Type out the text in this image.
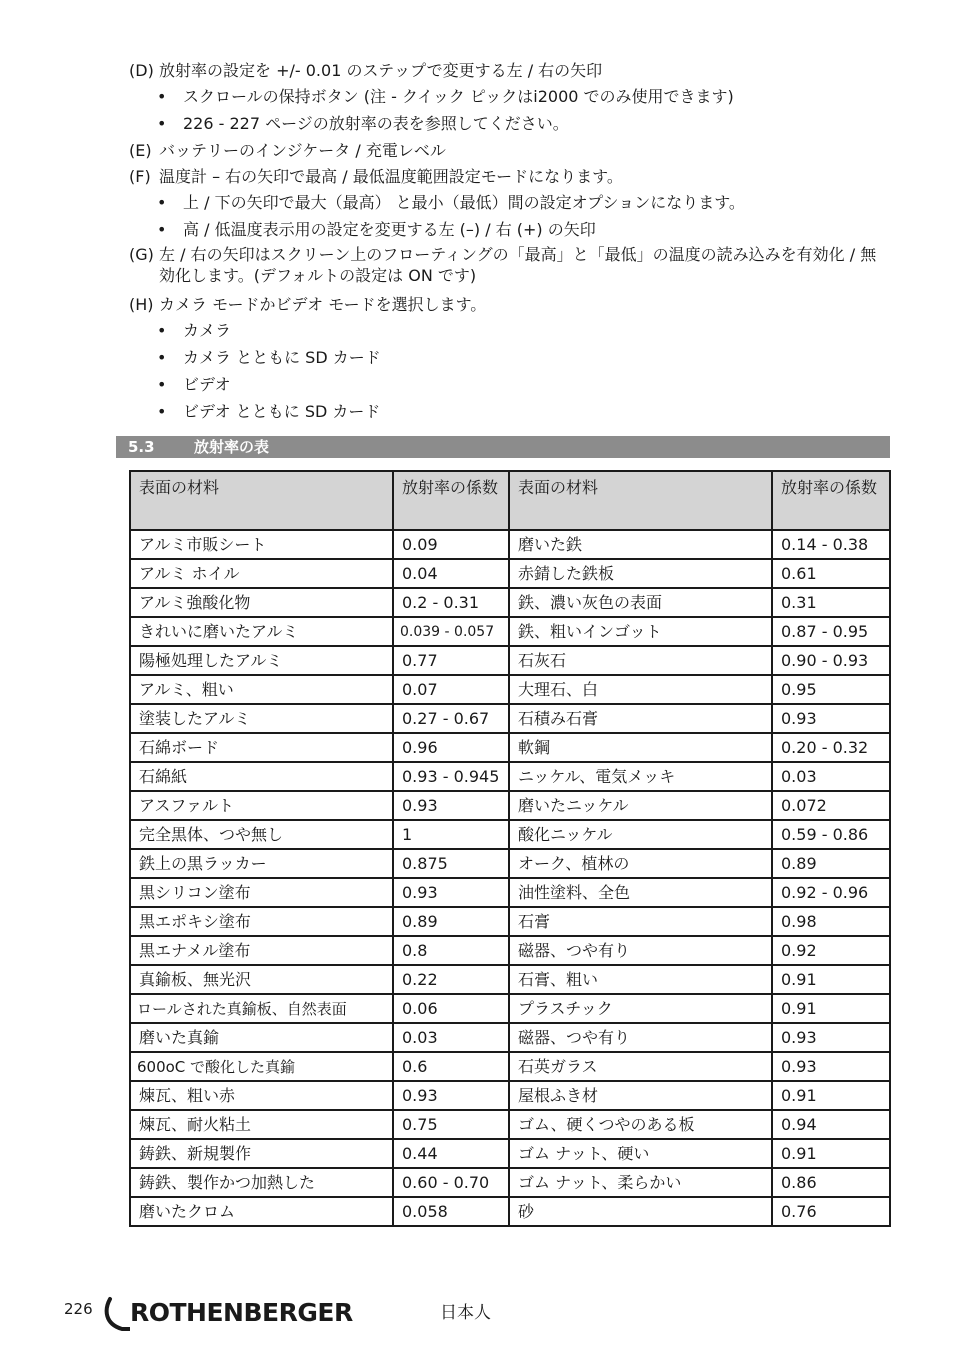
(D) 放射率の設定を +/- 0.01 のステップで変更する左 / 右の矢印
• スクロールの保持ボタン (注 - クイック ピックはi2000 でのみ使用できます)
• 226 - 227 ページの放射率の表を参照してください。
(E) バッテリーのインジケータ / 充電レベル
(F) 温度計 – 右の矢印で最高 / 最低温度範囲設定モードになります。
• 上 / 下の矢印で最大（最高） と最小（最低）間の設定オプションになります。
• 高 / 低温度表示用の設定を変更する左 (–) / 右 (+) の矢印
(G) 左 / 右の矢印はスクリーン上のフローティングの「最高」と「最低」の温度の読み込みを有効化 / 無効化します。(デフォルトの設定は ON です)
(H) カメラ モードかビデオ モードを選択します。
• カメラ
• カメラ とともに SD カード
• ビデオ
• ビデオ とともに SD カード
5.3	放射率の表
表面の材料	放射率の係数	表面の材料	放射率の係数
アルミ市販シート	0.09	磨いた鉄	0.14 - 0.38
アルミ ホイル	0.04	赤錆した鉄板	0.61
アルミ強酸化物	0.2 - 0.31	鉄、濃い灰色の表面	0.31
きれいに磨いたアルミ	0.039 - 0.057	鉄、粗いインゴット	0.87 - 0.95
陽極処理したアルミ	0.77	石灰石	0.90 - 0.93
アルミ、粗い	0.07	大理石、白	0.95
塗装したアルミ	0.27 - 0.67	石積み石膏	0.93
石綿ボード	0.96	軟鋼	0.20 - 0.32
石綿紙	0.93 - 0.945	ニッケル、電気メッキ	0.03
アスファルト	0.93	磨いたニッケル	0.072
完全黒体、つや無し	1	酸化ニッケル	0.59 - 0.86
鉄上の黒ラッカー	0.875	オーク、植林の	0.89
黒シリコン塗布	0.93	油性塗料、全色	0.92 - 0.96
黒エポキシ塗布	0.89	石膏	0.98
黒エナメル塗布	0.8	磁器、つや有り	0.92
真鍮板、無光沢	0.22	石膏、粗い	0.91
ロールされた真鍮板、自然表面	0.06	プラスチック	0.91
磨いた真鍮	0.03	磁器、つや有り	0.93
600oC で酸化した真鍮	0.6	石英ガラス	0.93
煉瓦、粗い赤	0.93	屋根ふき材	0.91
煉瓦、耐火粘土	0.75	ゴム、硬くつやのある板	0.94
鋳鉄、新規製作	0.44	ゴム ナット、硬い	0.91
鋳鉄、製作かつ加熱した	0.60 - 0.70	ゴム ナット、柔らかい	0.86
磨いたクロム	0.058	砂	0.76
226 ROTHENBERGER	日本人
